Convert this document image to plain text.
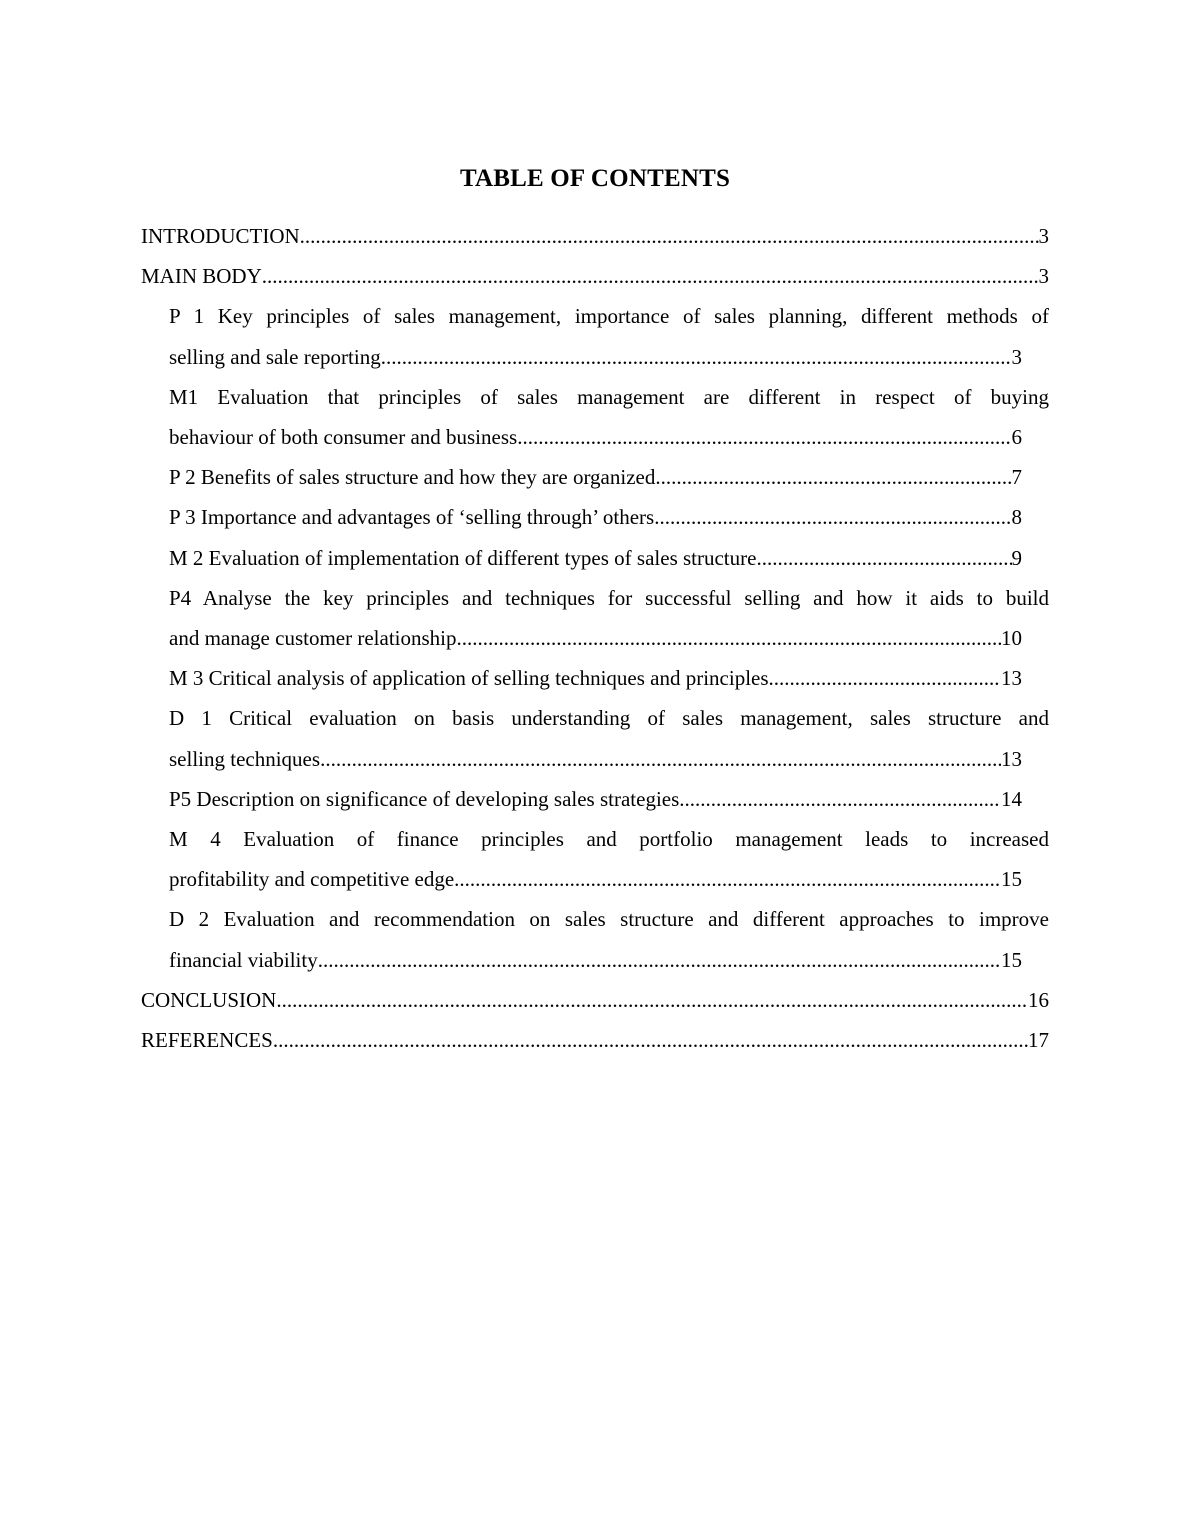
TABLE OF CONTENTS
INTRODUCTION .....	3
MAIN BODY .....	3
P 1 Key principles of sales management, importance of sales planning, different methods of
selling and sale reporting .....	3
M1 Evaluation that principles of sales management are different in respect of buying
behaviour of both consumer and business .....	6
P 2 Benefits of sales structure and how they are organized .....	7
P 3 Importance and advantages of ‘selling through’ others .....	8
M 2 Evaluation of implementation of different types of sales structure .....	9
P4 Analyse the key principles and techniques for successful selling and how it aids to build
and manage customer relationship .....	10
M 3 Critical analysis of application of selling techniques and principles .....	13
D 1 Critical evaluation on basis understanding of sales management, sales structure and
selling techniques .....	13
P5 Description on significance of developing sales strategies .....	14
M 4 Evaluation of finance principles and portfolio management leads to increased
profitability and competitive edge .....	15
D 2 Evaluation and recommendation on sales structure and different approaches to improve
financial viability .....	15
CONCLUSION .....	16
REFERENCES .....	17
